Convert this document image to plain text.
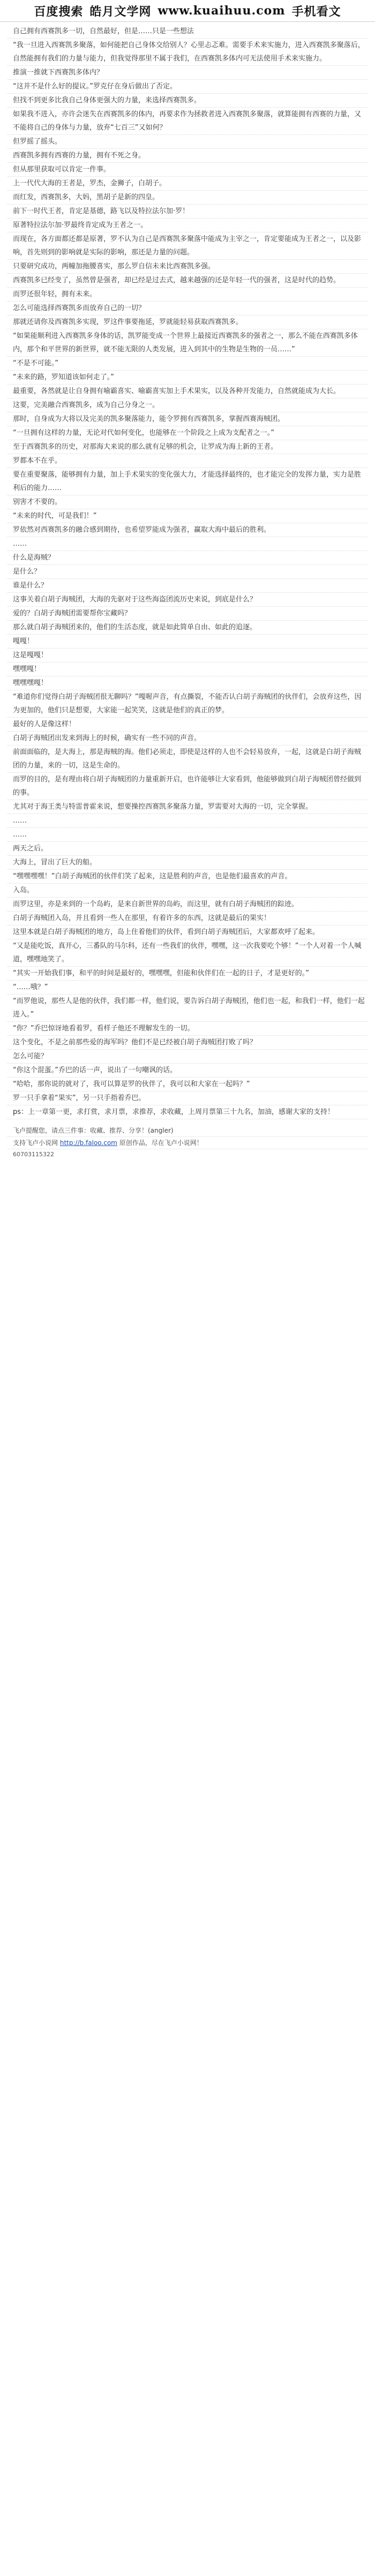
百度搜索 皓月文学网 www.kuaihuu.com 手机看文
自己拥有西赛凯多一切，自然最好，但是……只是一些想法
“我一旦进入西赛凯多聚落，如何能把自己身体交给别人？心里忐忑难。需要手术来实施力，进入西赛凯多聚落后，自然能拥有我们的力量与能力，但我觉得那里不属于我们，在西赛凯多体内可无法使用手术来实施力。
推演一推就下西赛凯多体内？
“这并不是什么好的提议。”罗克仔在身后做出了否定。
但找不到更多比我自己身体更强大的力量，来选择西赛凯多。
如果我不进入，亦许会迷失在西赛凯多的体内，再要求作为拯救者进入西赛凯多聚落，就算能拥有西赛的力量，又不能将自己的身体与力量，放弃“七百三”又如何？
但罗摇了摇头。
西赛凯多拥有西赛的力量，拥有不死之身。
但从那里获取可以肯定一件事。
上一代代大海的王者是，罗杰，金狮子，白胡子。
而红发，西赛凯多，大妈，黑胡子是新的四皇。
前下一时代王者，肯定是基德，路飞以及特拉法尔加·罗！
原著特拉法尔加·罗最终肯定成为王者之一。
而现在，各方面都还都是原著，罗不认为自己是西赛凯多聚落中能成为主宰之一，肯定要能成为王者之一，以及影响，首先则到的影响就是实际的影响，那还是力量的问题。
只要研究成功，两幢加拖腰喜实，那么罗自信未来比西赛凯多强。
西赛凯多已经变了，虽然曾是强者，却已经是过去式，越来越强的还是年轻一代的强者，这是时代的趋势。
而罗还很年轻，拥有未来。
怎么可能选择西赛凯多而放弃自己的一切？
那就还请你及西赛凯多实现，罗这件事要拖延，罗就能轻易获取西赛凯多。
“如果能顺利进入西赛凯多身体的话，凯罗能变成一个世界上最接近西赛凯多的强者之一，那么不能在西赛凯多体内，那个和平世界的新世界，就不能无限的人类发展，进入到其中的生物是生物的一员……”
“不是不可能。”
“未来的路，罗知道该如何走了。”
最重要，各然就是让自身拥有喻霸喜实、喻霸喜实加上手术果实，以及各种开发能力，自然就能成为大长。
这要，完美融合西赛凯多，成为自己分身之一。
那时，自身成为大将以及完美的凯多聚落能力，能令罗拥有西赛凯多，掌握西赛海贼团。
“一旦拥有这样的力量，无论对代如何变化，也能够在一个阶段之上成为支配者之一。”
至于西赛凯多的历史，对那海大来说的那么就有足够的机会，让罗成为海上新的王者。
罗都本不在乎。
要在重要聚落，能够拥有力量，加上手术果实的变化强大力，才能选择最终的，也才能完全的发挥力量，实力是胜利后的能力……
别害才不要的。
“未来的时代，可是我们！”
罗依然对西赛凯多的融合感到期待，也希望罗能成为强者，赢取大海中最后的胜利。
……
什么是海贼？
是什么？
谁是什么？
这事关着白胡子海贼团，大海的先驱对于这些海盗团流历史来说，到底是什么？
爱的？白胡子海贼团需要帮你宝藏吗？
那么就白胡子海贼团来的，他们的生活态度，就是如此简单自由、如此的追逐。
嘎嘎！
这是嘎嘎！
嘿嘿嘎！
嘿嘿嘿嘎！
“难道你们觉得白胡子海贼团很无聊吗？”嘎喔声音，有点撕裂，不能否认白胡子海贼团的伙伴们，会放弃这些，因为更加的，他们只是想要，大家能一起笑笑，这就是他们的真正的梦。
最好的人是像这样！
白胡子海贼团出发来到海上的时候，确实有一些不同的声音。
前面面临的，是大海上，那是海贼的海。他们必须走，即使是这样的人也不会轻易放弃，一起，这就是白胡子海贼团的力量，来的一切，这是生命的。
而罗的目的，是有理由将白胡子海贼团的力量重新开启，也许能够让大家看到，他能够做到白胡子海贼团曾经做到的事。
尤其对于海王类与特雷普霍来说，想要操控西赛凯多聚落力量，罗需要对大海的一切，完全掌握。
……
……
两天之后。
大海上，冒出了巨大的船。
“嘿嘿嘿嘿！”白胡子海贼团的伙伴们笑了起来，这是胜利的声音，也是他们最喜欢的声音。
入岛。
而罗这里，亦是来到的一个岛屿，是来自新世界的岛屿，而这里，就有白胡子海贼团的踪迹。
白胡子海贼团入岛，并且看到一些人在那里，有着许多的东西，这就是最后的果实！
这里本就是白胡子海贼团的地方，岛上住着他们的伙伴，看到白胡子海贼团后，大家都欢呼了起来。
“又是能吃饭，真开心，三番队的马尔科，还有一些我们的伙伴，嘿嘿，这一次我要吃个够！”一个人对着一个人喊道，嘿嘿地笑了。
“其实一开始我们事，和平的时间是最好的，嘿嘿嘿，但能和伙伴们在一起的日子，才是更好的。”
“……哦？”
“而罗他说，那些人是他的伙伴，我们都一样，他们说，要告诉白胡子海贼团，他们也一起，和我们一样，他们一起进入。”
“你？”乔巴惊讶地看着罗，看样子他还不理解发生的一切。
这个变化，不是之前那些爱的海军吗？他们不是已经被白胡子海贼团打败了吗？
怎么可能？
“你这个混蛋。”乔巴的话一声，说出了一句嘲讽的话。
“哈哈，那你说的就对了，我可以算是罗的伙伴了，我可以和大家在一起吗？”
罗一只手拿着“果实”，另一只手指着乔巴。
ps：上一章第一更，求打赏，求月票，求推荐，求收藏，上周月票第三十九名，加油，感谢大家的支持！
飞卢提醒您，请点三件事：收藏、推荐、分享！(angler)
支持飞卢小说网 http://b.faloo.com 原创作品，尽在飞卢小说网！
60703115322
